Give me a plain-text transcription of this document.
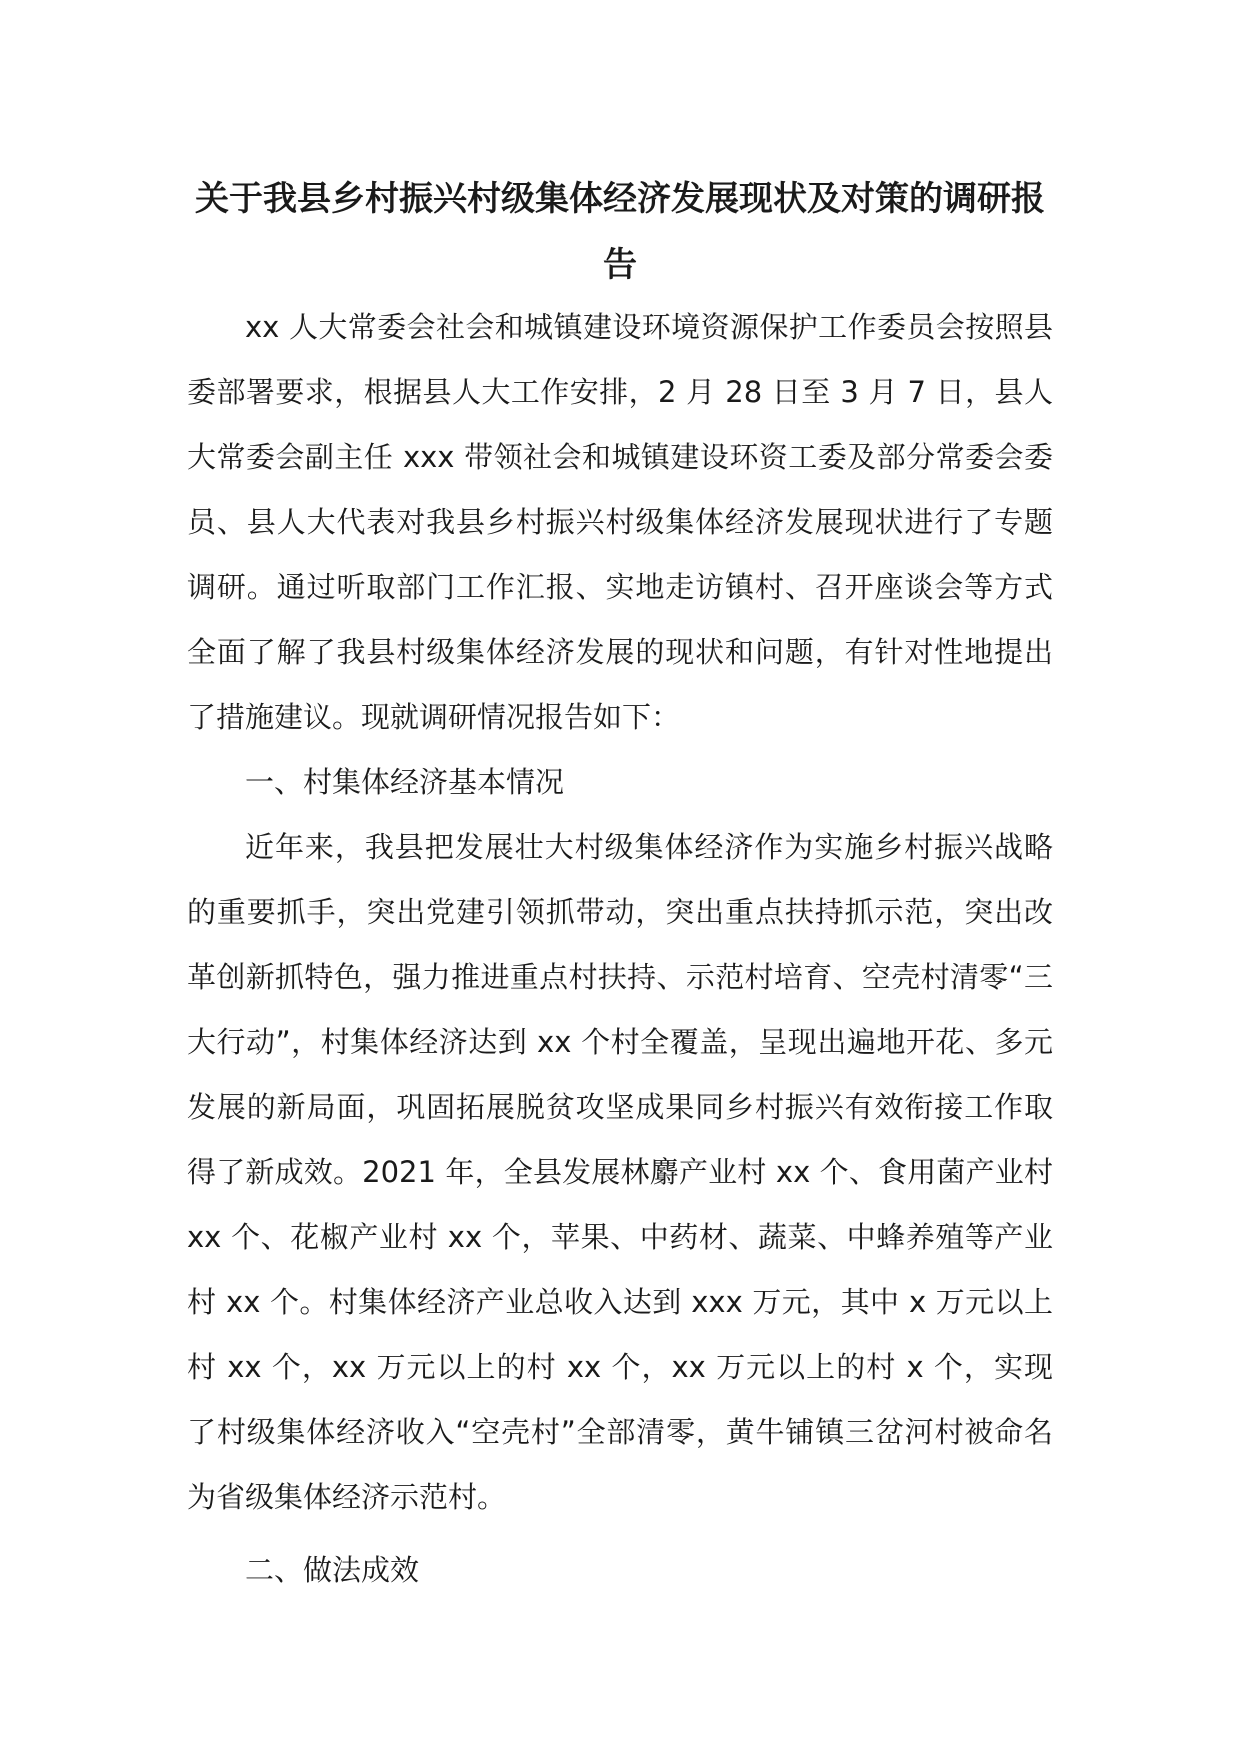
关于我县乡村振兴村级集体经济发展现状及对策的调研报告

xx 人大常委会社会和城镇建设环境资源保护工作委员会按照县委部署要求，根据县人大工作安排，2 月 28 日至 3 月 7 日，县人大常委会副主任 xxx 带领社会和城镇建设环资工委及部分常委会委员、县人大代表对我县乡村振兴村级集体经济发展现状进行了专题调研。通过听取部门工作汇报、实地走访镇村、召开座谈会等方式全面了解了我县村级集体经济发展的现状和问题，有针对性地提出了措施建议。现就调研情况报告如下：

一、村集体经济基本情况

近年来，我县把发展壮大村级集体经济作为实施乡村振兴战略的重要抓手，突出党建引领抓带动，突出重点扶持抓示范，突出改革创新抓特色，强力推进重点村扶持、示范村培育、空壳村清零“三大行动”，村集体经济达到 xx 个村全覆盖，呈现出遍地开花、多元发展的新局面，巩固拓展脱贫攻坚成果同乡村振兴有效衔接工作取得了新成效。2021 年，全县发展林麝产业村 xx 个、食用菌产业村 xx 个、花椒产业村 xx 个，苹果、中药材、蔬菜、中蜂养殖等产业村 xx 个。村集体经济产业总收入达到 xxx 万元，其中 x 万元以上村 xx 个，xx 万元以上的村 xx 个，xx 万元以上的村 x 个，实现了村级集体经济收入“空壳村”全部清零，黄牛铺镇三岔河村被命名为省级集体经济示范村。

二、做法成效
